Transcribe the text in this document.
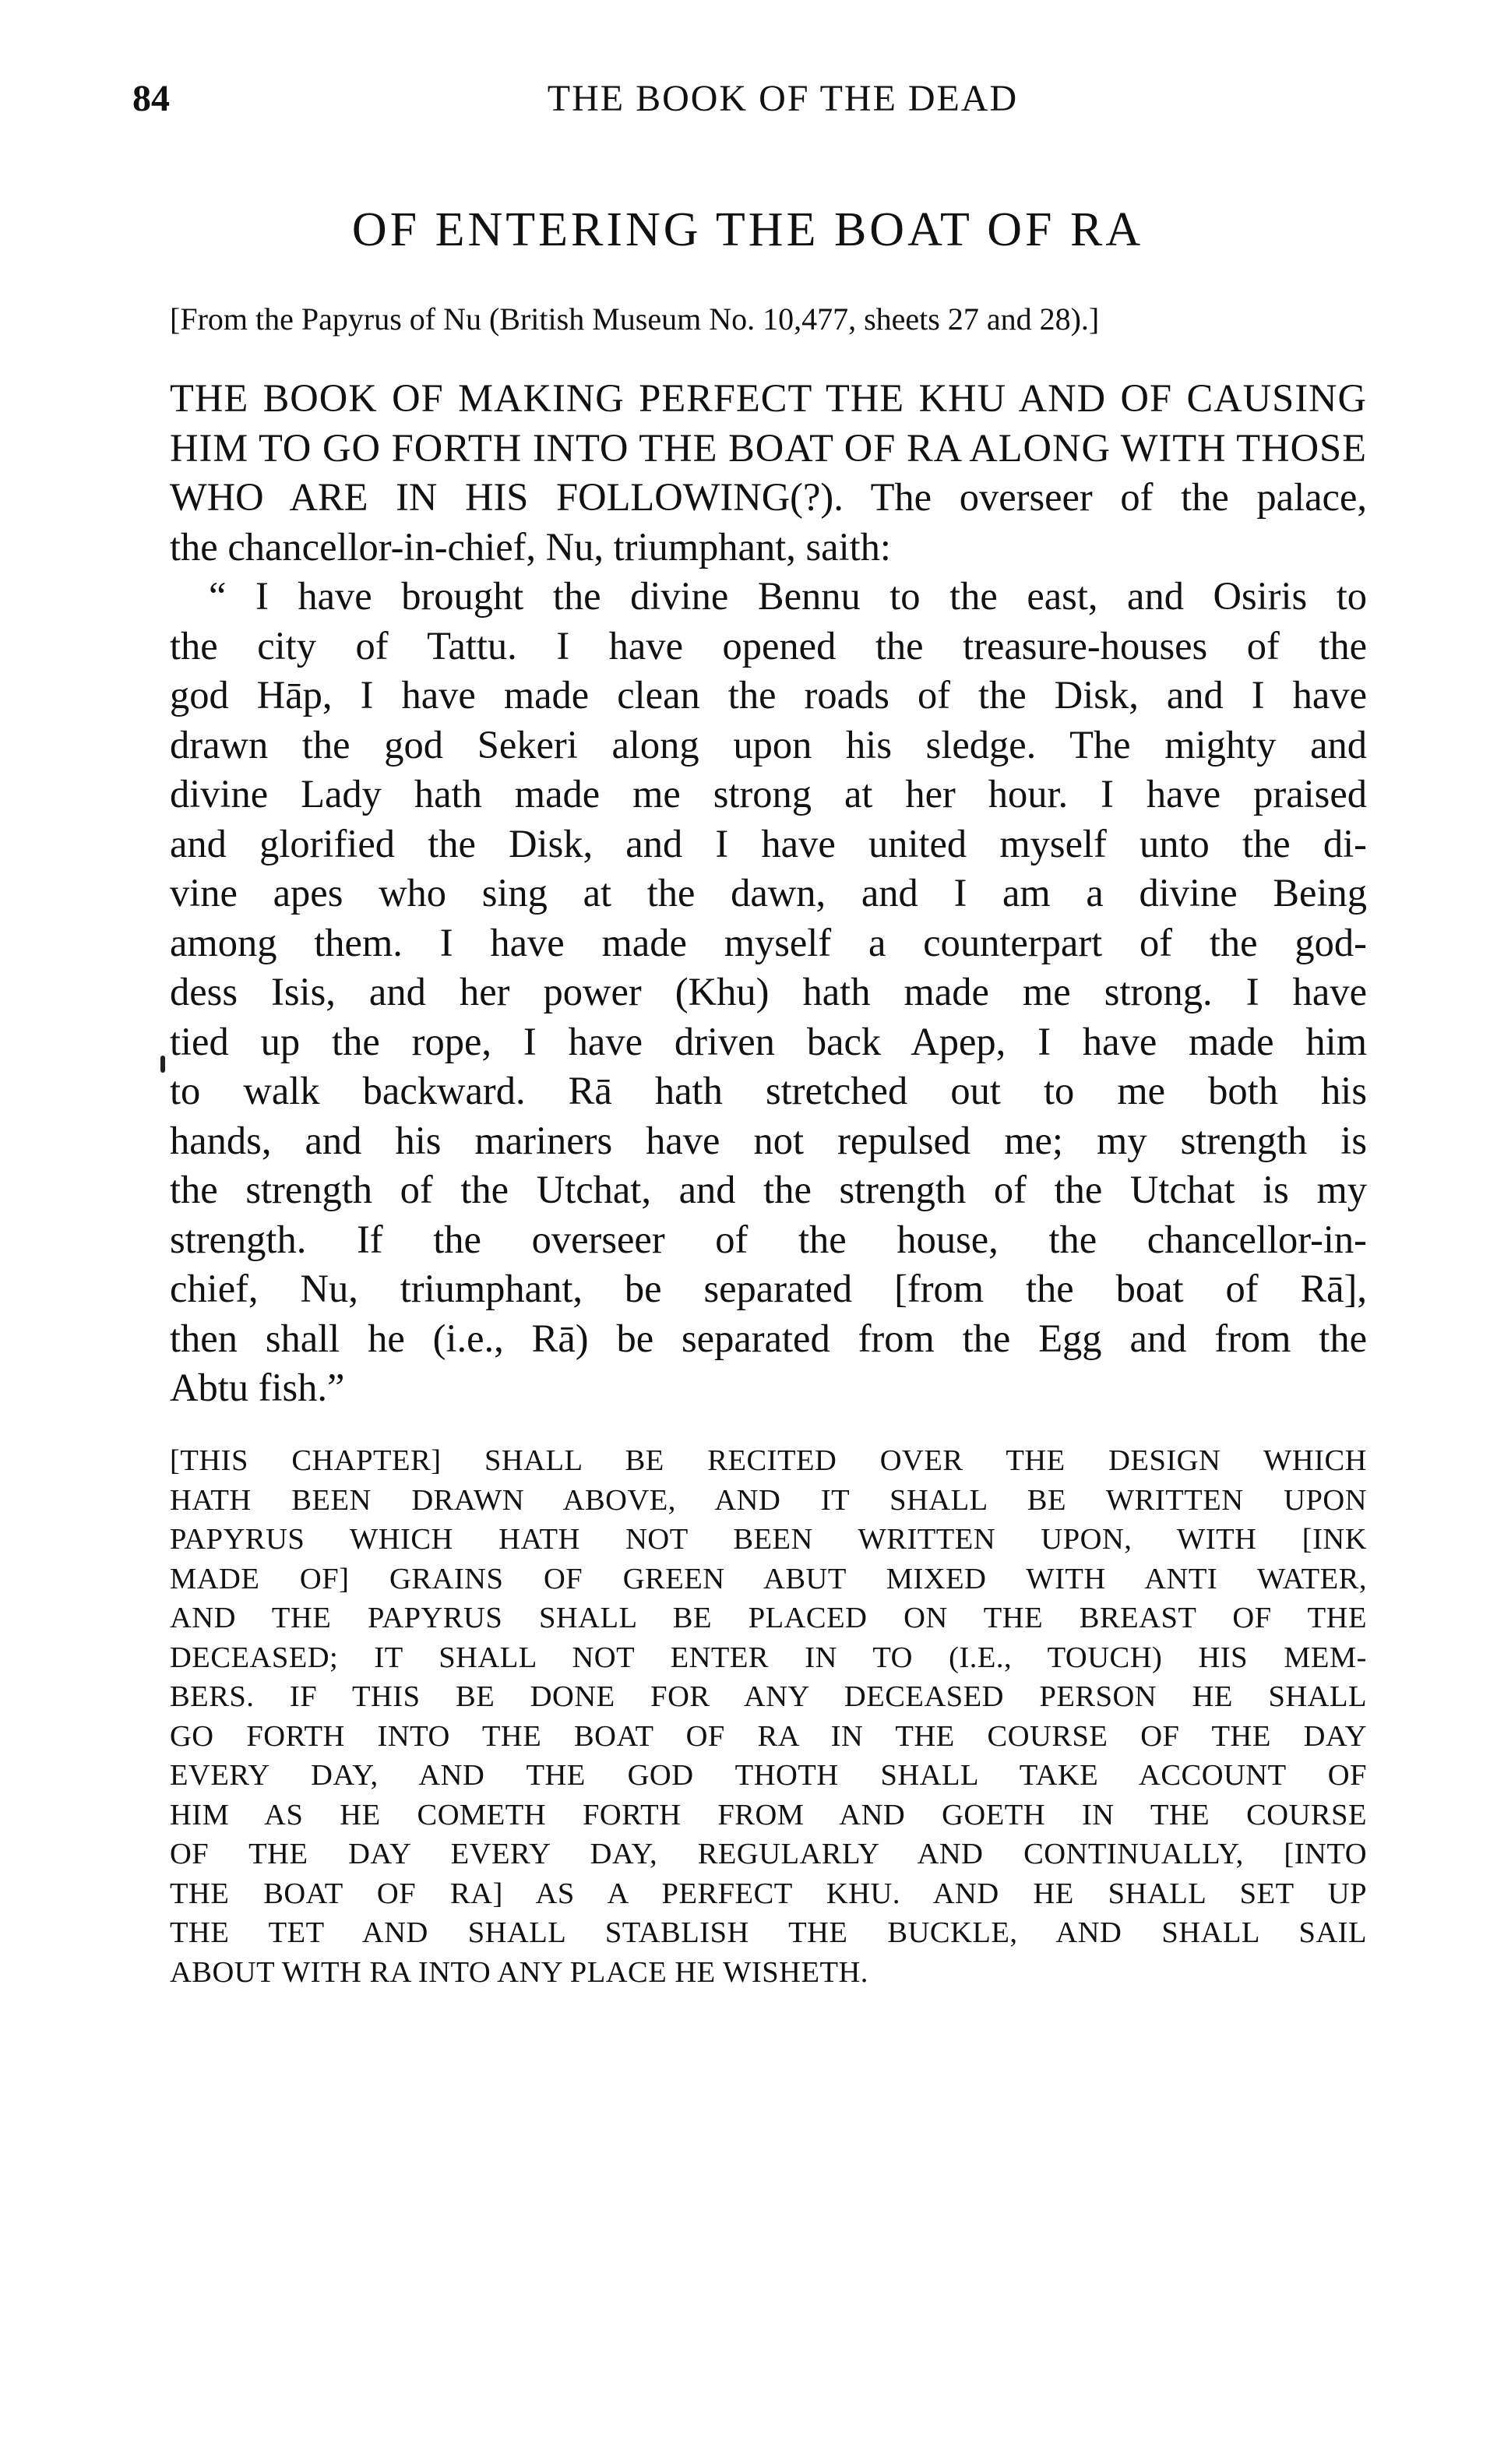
84	THE BOOK OF THE DEAD
OF ENTERING THE BOAT OF RA
[From the Papyrus of Nu (British Museum No. 10,477, sheets 27 and 28).]
THE BOOK OF MAKING PERFECT THE KHU AND OF CAUSING
HIM TO GO FORTH INTO THE BOAT OF RA ALONG WITH THOSE
WHO ARE IN HIS FOLLOWING(?). The overseer of the palace,
the chancellor-in-chief, Nu, triumphant, saith:
“ I have brought the divine Bennu to the east, and Osiris to
the city of Tattu. I have opened the treasure-houses of the
god Hāp, I have made clean the roads of the Disk, and I have
drawn the god Sekeri along upon his sledge. The mighty and
divine Lady hath made me strong at her hour. I have praised
and glorified the Disk, and I have united myself unto the di-
vine apes who sing at the dawn, and I am a divine Being
among them. I have made myself a counterpart of the god-
dess Isis, and her power (Khu) hath made me strong. I have
tied up the rope, I have driven back Apep, I have made him
to walk backward. Rā hath stretched out to me both his
hands, and his mariners have not repulsed me; my strength is
the strength of the Utchat, and the strength of the Utchat is my
strength. If the overseer of the house, the chancellor-in-
chief, Nu, triumphant, be separated [from the boat of Rā],
then shall he (i.e., Rā) be separated from the Egg and from the
Abtu fish.”
[THIS CHAPTER] SHALL BE RECITED OVER THE DESIGN WHICH
HATH BEEN DRAWN ABOVE, AND IT SHALL BE WRITTEN UPON
PAPYRUS WHICH HATH NOT BEEN WRITTEN UPON, WITH [INK
MADE OF] GRAINS OF GREEN ABUT MIXED WITH ANTI WATER,
AND THE PAPYRUS SHALL BE PLACED ON THE BREAST OF THE
DECEASED; IT SHALL NOT ENTER IN TO (I.E., TOUCH) HIS MEM-
BERS. IF THIS BE DONE FOR ANY DECEASED PERSON HE SHALL
GO FORTH INTO THE BOAT OF RA IN THE COURSE OF THE DAY
EVERY DAY, AND THE GOD THOTH SHALL TAKE ACCOUNT OF
HIM AS HE COMETH FORTH FROM AND GOETH IN THE COURSE
OF THE DAY EVERY DAY, REGULARLY AND CONTINUALLY, [INTO
THE BOAT OF RA] AS A PERFECT KHU. AND HE SHALL SET UP
THE TET AND SHALL STABLISH THE BUCKLE, AND SHALL SAIL
ABOUT WITH RA INTO ANY PLACE HE WISHETH.
